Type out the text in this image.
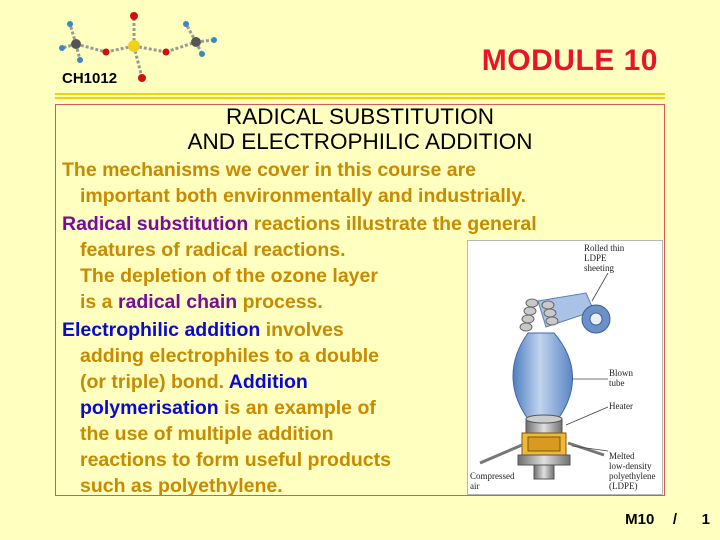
CH1012
MODULE 10
RADICAL SUBSTITUTION
AND ELECTROPHILIC ADDITION
The mechanisms we cover in this course are
important both environmentally and industrially.
Radical substitution reactions illustrate the general
features of radical reactions.
The depletion of the ozone layer
is a radical chain process.
Electrophilic addition involves
adding electrophiles to a double
(or triple) bond. Addition
polymerisation is an example of
the use of multiple addition
reactions to form useful products
such as polyethylene.
Rolled thin
LDPE
sheeting
Blown
tube
Heater
Melted
low-density
polyethylene
(LDPE)
Compressed
air
M10 / 1
